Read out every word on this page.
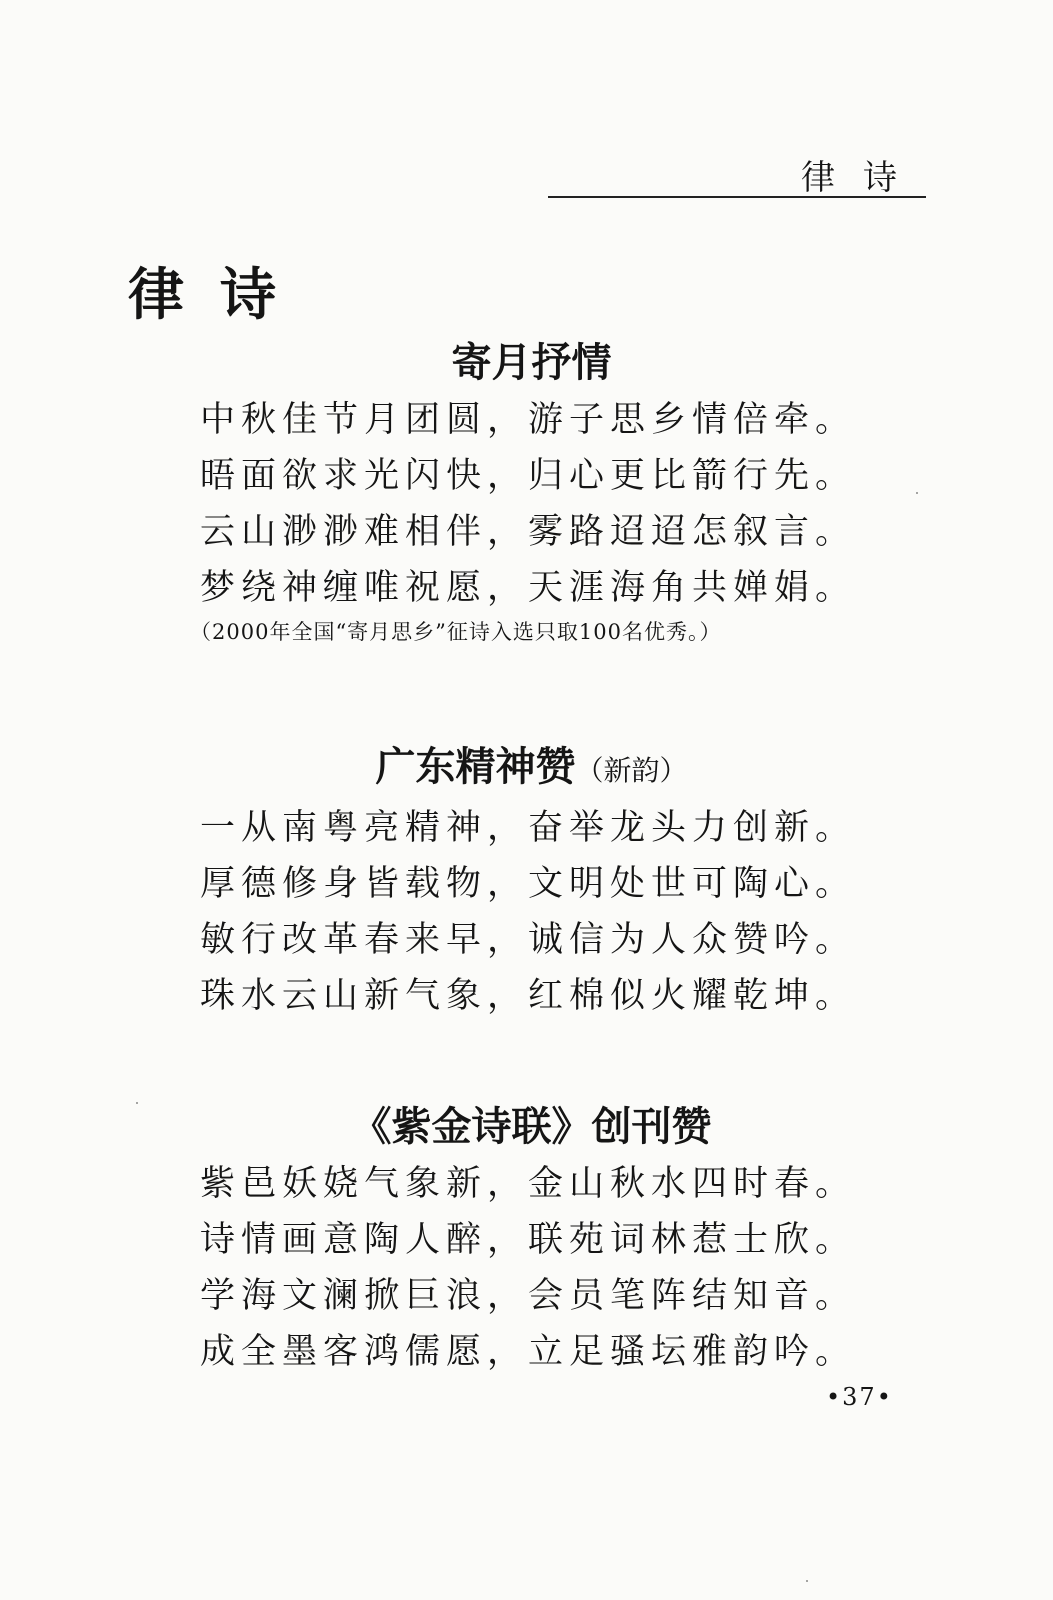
律诗
律诗
寄月抒情
中秋佳节月团圆，游子思乡情倍牵。
晤面欲求光闪快，归心更比箭行先。
云山渺渺难相伴，雾路迢迢怎叙言。
梦绕神缠唯祝愿，天涯海角共婵娟。
（2000年全国“寄月思乡”征诗入选只取100名优秀。）
广东精神赞（新韵）
一从南粤亮精神，奋举龙头力创新。
厚德修身皆载物，文明处世可陶心。
敏行改革春来早，诚信为人众赞吟。
珠水云山新气象，红棉似火耀乾坤。
《紫金诗联》创刊赞
紫邑妖娆气象新，金山秋水四时春。
诗情画意陶人醉，联苑词林惹士欣。
学海文澜掀巨浪，会员笔阵结知音。
成全墨客鸿儒愿，立足骚坛雅韵吟。
•37•
